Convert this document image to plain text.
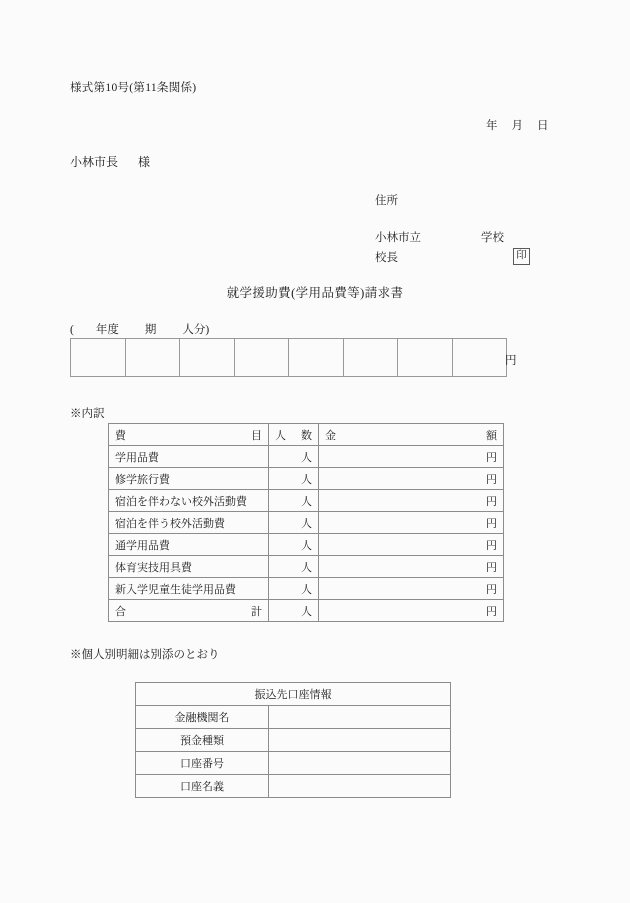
様式第10号(第11条関係)
年 月 日
小林市長 様
住所
小林市立	学校
校長	印
就学援助費(学用品費等)請求書
( 年度 期 人分)
円
※内訳
費 目	人 数	金 額

学用品費	人	円
修学旅行費	人	円
宿泊を伴わない校外活動費	人	円
宿泊を伴う校外活動費	人	円
通学用品費	人	円
体育実技用具費	人	円
新入学児童生徒学用品費	人	円

合 計	人	円
※個人別明細は別添のとおり
振込先口座情報	
金融機関名	
預金種類	
口座番号	
口座名義	
